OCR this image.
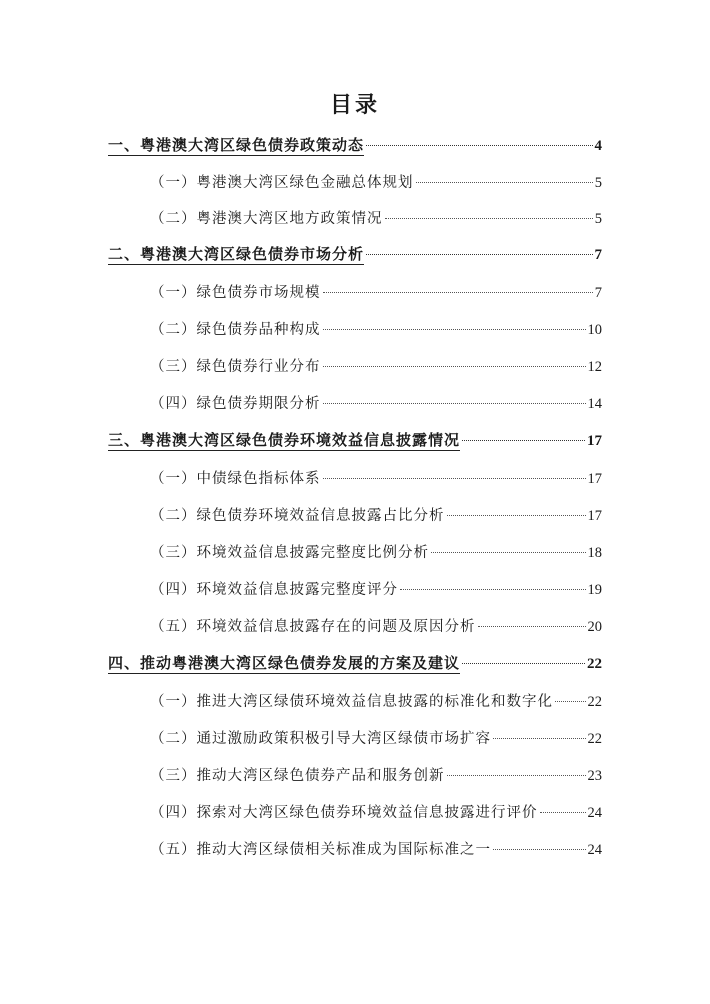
目录
一、粤港澳大湾区绿色债券政策动态	4
（一）粤港澳大湾区绿色金融总体规划	5
（二）粤港澳大湾区地方政策情况	5
二、粤港澳大湾区绿色债券市场分析	7
（一）绿色债券市场规模	7
（二）绿色债券品种构成	10
（三）绿色债券行业分布	12
（四）绿色债券期限分析	14
三、粤港澳大湾区绿色债券环境效益信息披露情况	17
（一）中债绿色指标体系	17
（二）绿色债券环境效益信息披露占比分析	17
（三）环境效益信息披露完整度比例分析	18
（四）环境效益信息披露完整度评分	19
（五）环境效益信息披露存在的问题及原因分析	20
四、推动粤港澳大湾区绿色债券发展的方案及建议	22
（一）推进大湾区绿债环境效益信息披露的标准化和数字化 22
（二）通过激励政策积极引导大湾区绿债市场扩容	22
（三）推动大湾区绿色债券产品和服务创新	23
（四）探索对大湾区绿色债券环境效益信息披露进行评价	24
（五）推动大湾区绿债相关标准成为国际标准之一	24
